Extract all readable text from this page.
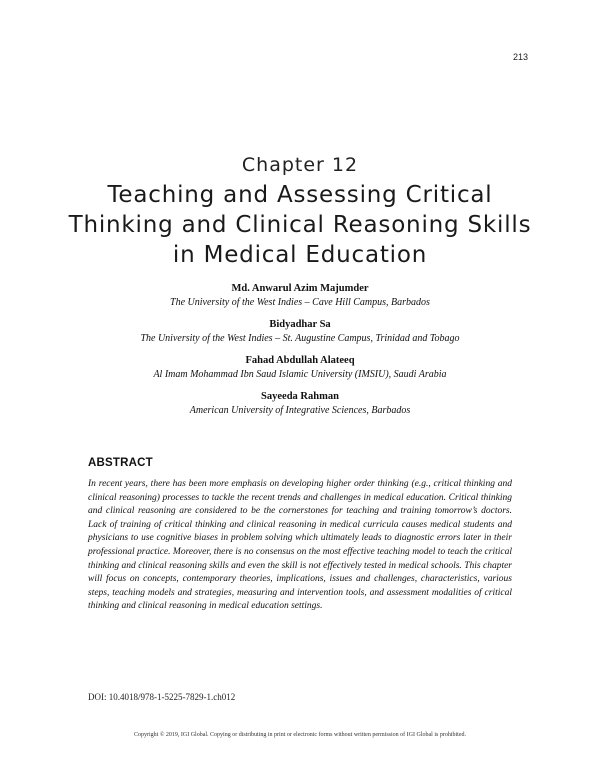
213
Chapter 12
Teaching and Assessing Critical Thinking and Clinical Reasoning Skills in Medical Education
Md. Anwarul Azim Majumder
The University of the West Indies – Cave Hill Campus, Barbados
Bidyadhar Sa
The University of the West Indies – St. Augustine Campus, Trinidad and Tobago
Fahad Abdullah Alateeq
Al Imam Mohammad Ibn Saud Islamic University (IMSIU), Saudi Arabia
Sayeeda Rahman
American University of Integrative Sciences, Barbados
ABSTRACT

In recent years, there has been more emphasis on developing higher order thinking (e.g., critical thinking and clinical reasoning) processes to tackle the recent trends and challenges in medical education. Critical thinking and clinical reasoning are considered to be the cornerstones for teaching and training tomorrow’s doctors. Lack of training of critical thinking and clinical reasoning in medical curricula causes medical students and physicians to use cognitive biases in problem solving which ultimately leads to diagnostic errors later in their professional practice. Moreover, there is no consensus on the most effective teaching model to teach the critical thinking and clinical reasoning skills and even the skill is not effectively tested in medical schools. This chapter will focus on concepts, contemporary theories, implications, issues and challenges, characteristics, various steps, teaching models and strategies, measuring and intervention tools, and assessment modalities of critical thinking and clinical reasoning in medical education settings.

DOI: 10.4018/978-1-5225-7829-1.ch012
Copyright © 2019, IGI Global. Copying or distributing in print or electronic forms without written permission of IGI Global is prohibited.
